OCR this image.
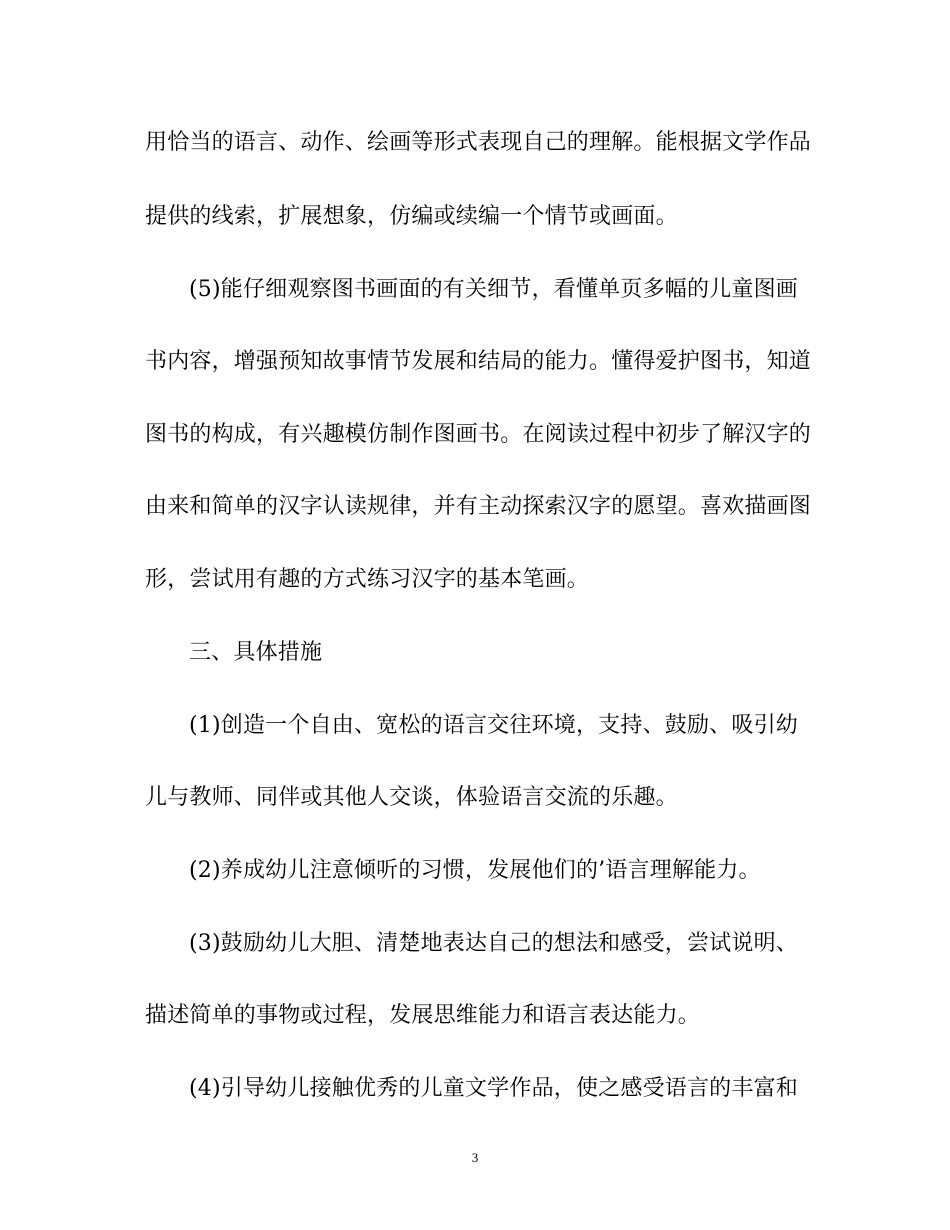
用恰当的语言、动作、绘画等形式表现自己的理解。能根据文学作品
提供的线索，扩展想象，仿编或续编一个情节或画面。
(5)能仔细观察图书画面的有关细节，看懂单页多幅的儿童图画
书内容，增强预知故事情节发展和结局的能力。懂得爱护图书，知道
图书的构成，有兴趣模仿制作图画书。在阅读过程中初步了解汉字的
由来和简单的汉字认读规律，并有主动探索汉字的愿望。喜欢描画图
形，尝试用有趣的方式练习汉字的基本笔画。
三、具体措施
(1)创造一个自由、宽松的语言交往环境，支持、鼓励、吸引幼
儿与教师、同伴或其他人交谈，体验语言交流的乐趣。
(2)养成幼儿注意倾听的习惯，发展他们的’语言理解能力。
(3)鼓励幼儿大胆、清楚地表达自己的想法和感受，尝试说明、
描述简单的事物或过程，发展思维能力和语言表达能力。
(4)引导幼儿接触优秀的儿童文学作品，使之感受语言的丰富和
3
